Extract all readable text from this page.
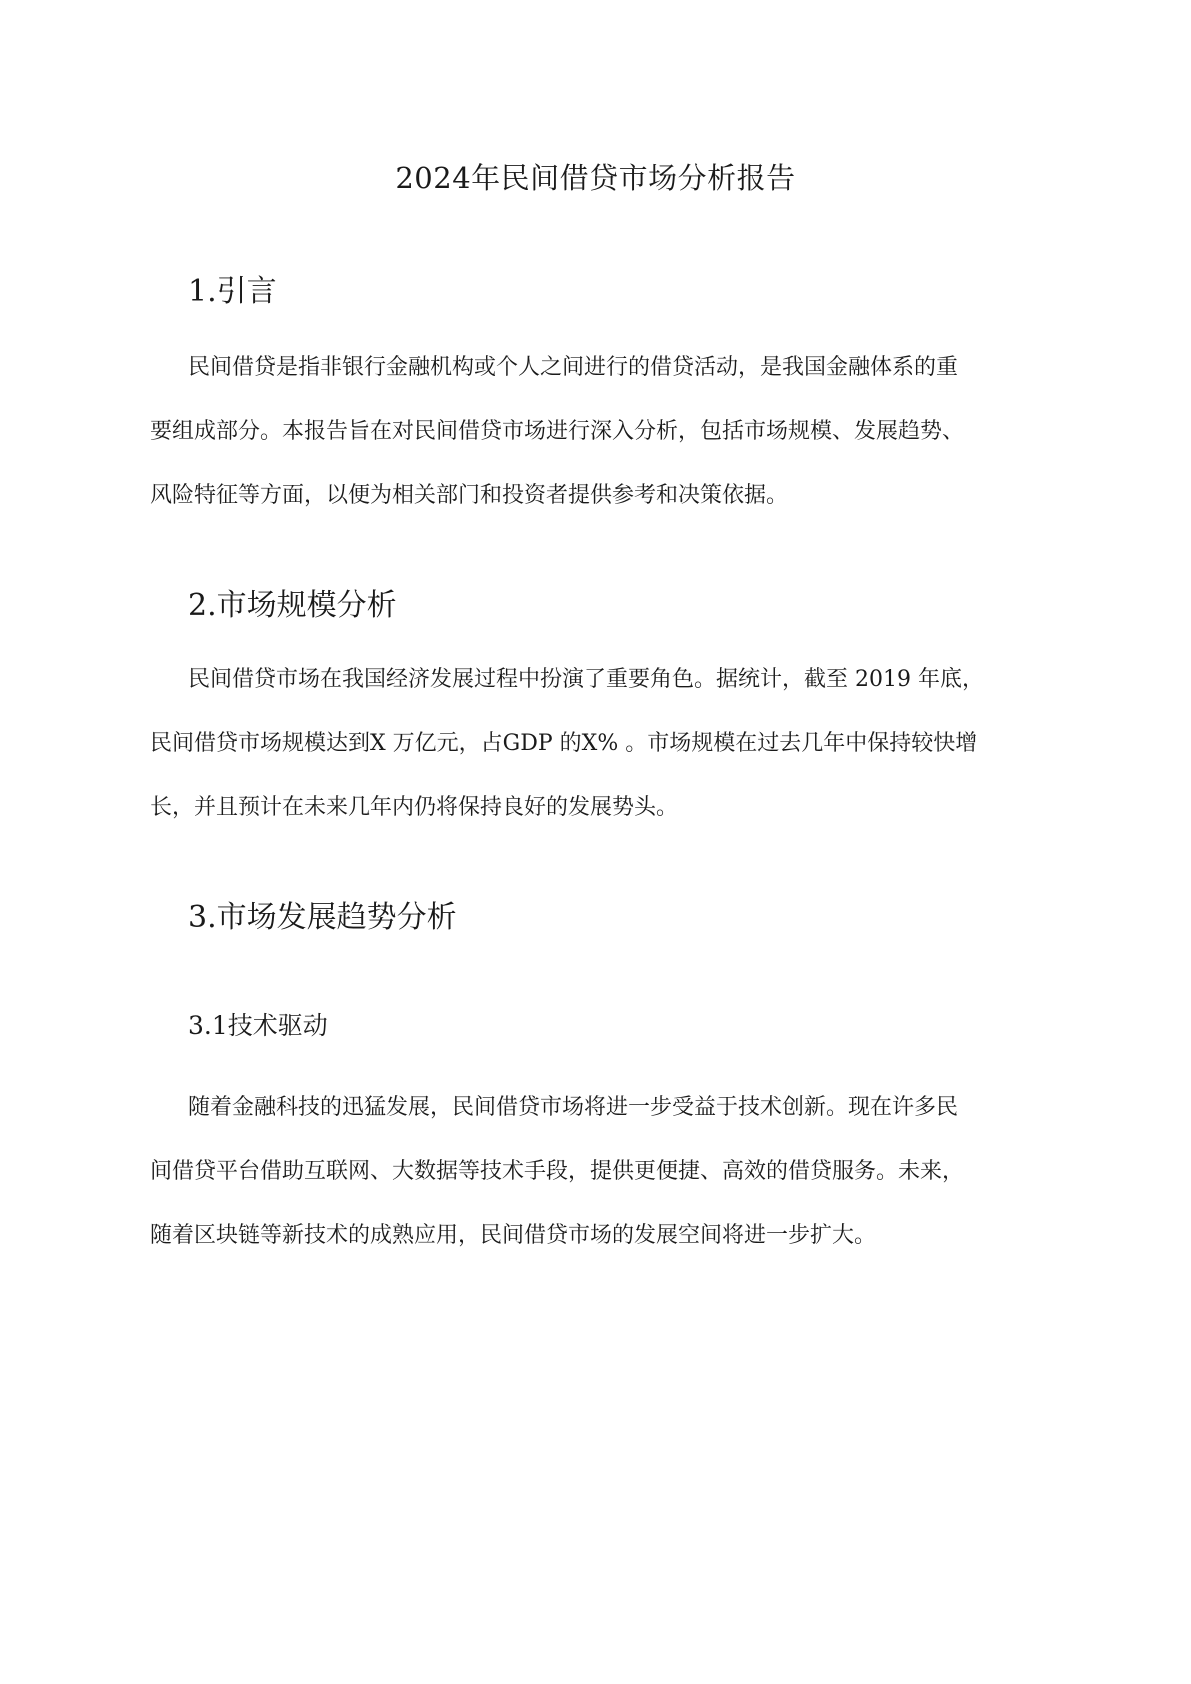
2024年民间借贷市场分析报告
1.引言
民间借贷是指非银行金融机构或个人之间进行的借贷活动，是我国金融体系的重
要组成部分。本报告旨在对民间借贷市场进行深入分析，包括市场规模、发展趋势、
风险特征等方面，以便为相关部门和投资者提供参考和决策依据。
2.市场规模分析
民间借贷市场在我国经济发展过程中扮演了重要角色。据统计，截至 2019 年底，
民间借贷市场规模达到X 万亿元，占GDP 的X% 。市场规模在过去几年中保持较快增
长，并且预计在未来几年内仍将保持良好的发展势头。
3.市场发展趋势分析
3.1技术驱动
随着金融科技的迅猛发展，民间借贷市场将进一步受益于技术创新。现在许多民
间借贷平台借助互联网、大数据等技术手段，提供更便捷、高效的借贷服务。未来，
随着区块链等新技术的成熟应用，民间借贷市场的发展空间将进一步扩大。
